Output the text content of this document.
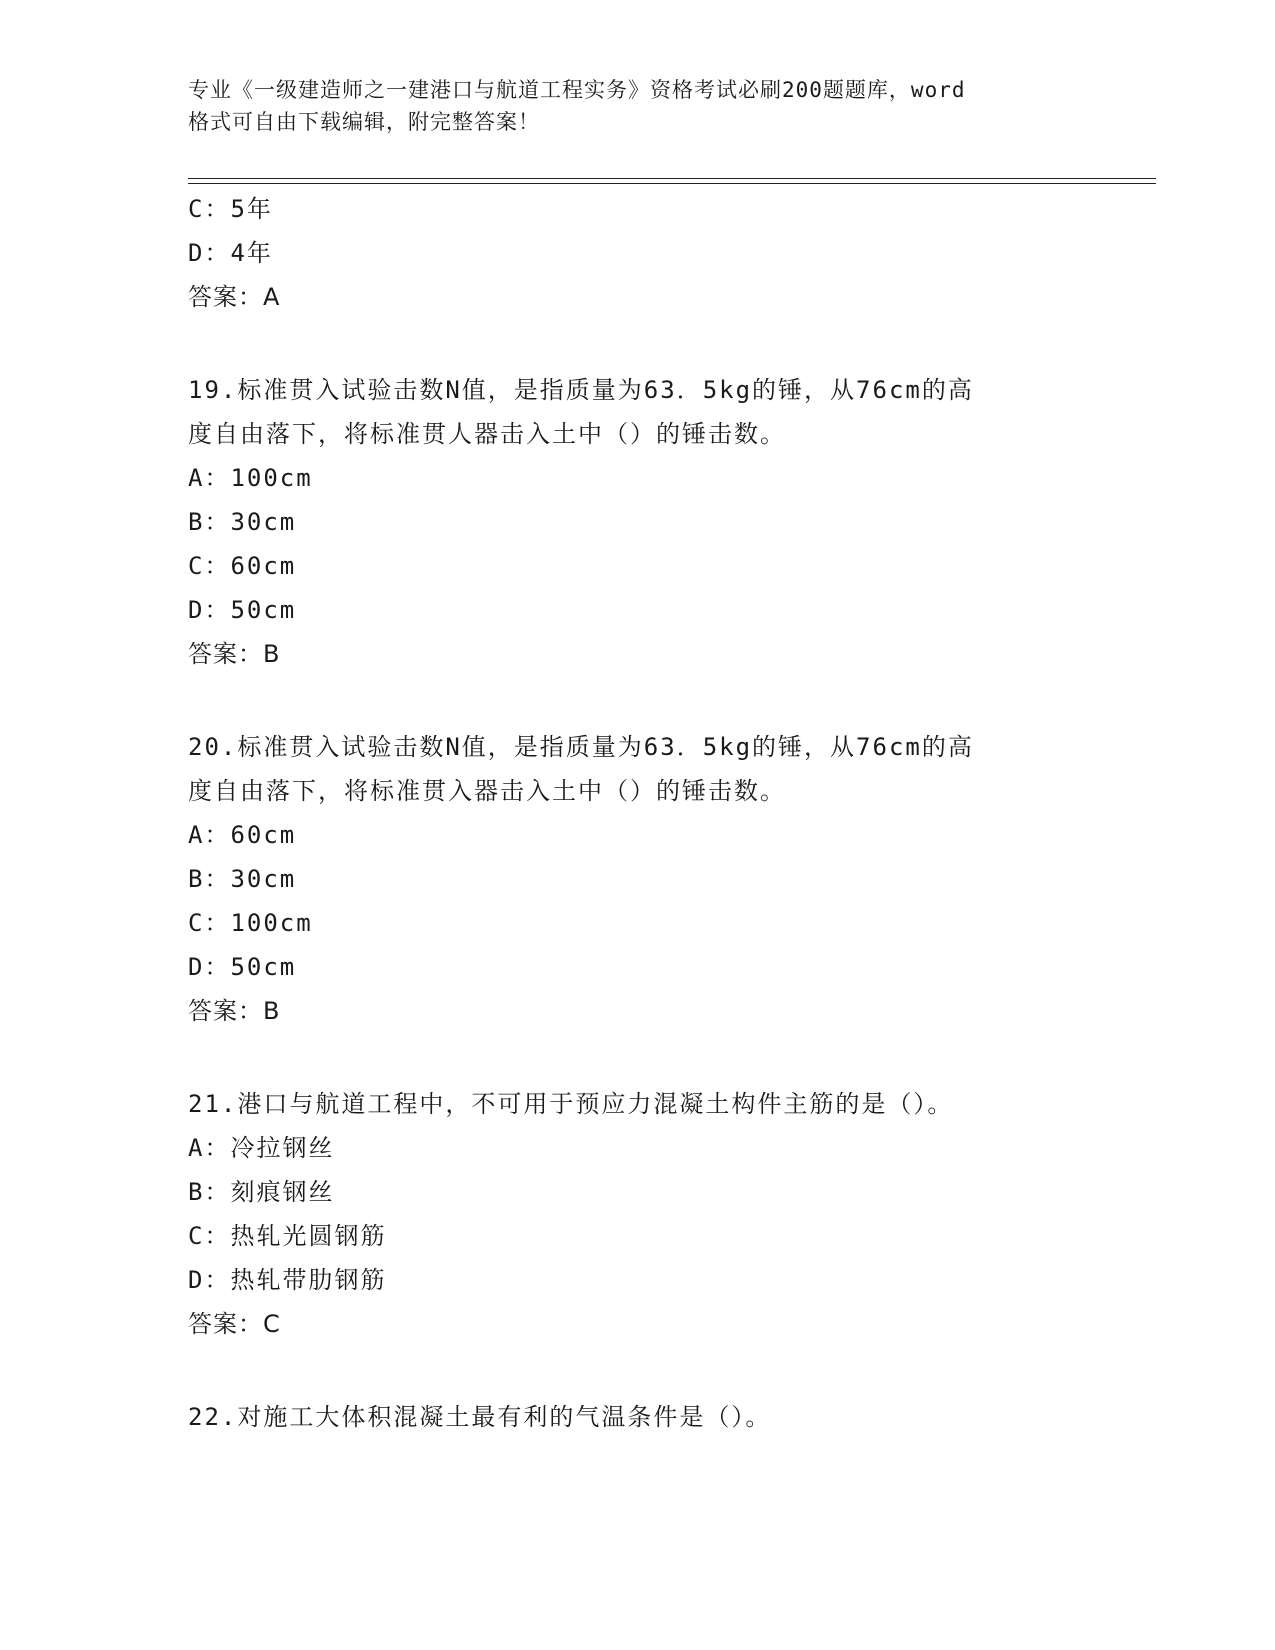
专业《一级建造师之一建港口与航道工程实务》资格考试必刷200题题库，word
格式可自由下载编辑，附完整答案！
C：5年
D：4年
答案：A
19.标准贯入试验击数N值，是指质量为63．5kg的锤，从76cm的高
度自由落下，将标准贯人器击入土中（）的锤击数。
A：100cm
B：30cm
C：60cm
D：50cm
答案：B
20.标准贯入试验击数N值，是指质量为63．5kg的锤，从76cm的高
度自由落下，将标准贯入器击入土中（）的锤击数。
A：60cm
B：30cm
C：100cm
D：50cm
答案：B
21.港口与航道工程中，不可用于预应力混凝土构件主筋的是（）。
A：冷拉钢丝
B：刻痕钢丝
C：热轧光圆钢筋
D：热轧带肋钢筋
答案：C
22.对施工大体积混凝土最有利的气温条件是（）。
